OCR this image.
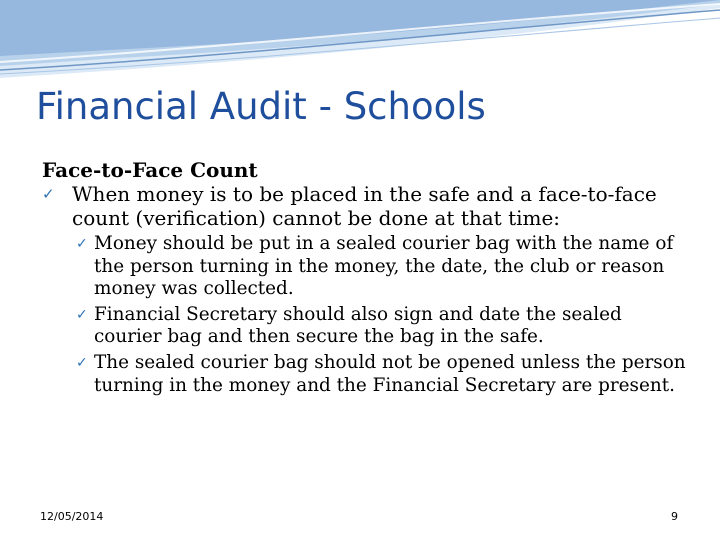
Financial Audit - Schools

Face-to-Face Count

✓ When money is to be placed in the safe and a face-to-face count (verification) cannot be done at that time:
✓ Money should be put in a sealed courier bag with the name of the person turning in the money, the date, the club or reason money was collected.
✓ Financial Secretary should also sign and date the sealed courier bag and then secure the bag in the safe.
✓ The sealed courier bag should not be opened unless the person turning in the money and the Financial Secretary are present.
12/05/2014	9
